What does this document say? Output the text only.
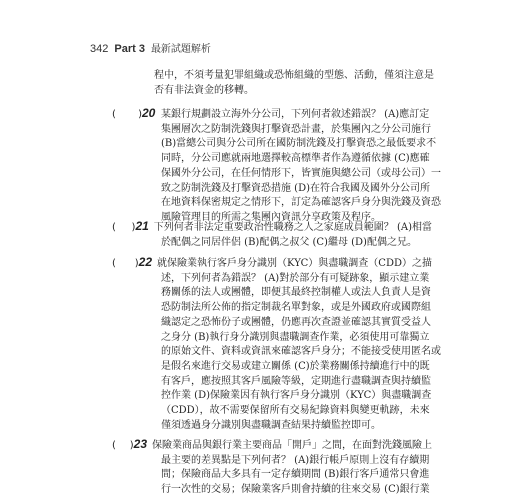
342 Part 3 最新試題解析
程中，不須考量犯罪組織或恐怖組織的型態、活動，僅須注意是
否有非法資金的移轉。
( ) 20 某銀行規劃設立海外分公司，下列何者敘述錯誤？ (A)應訂定
集團層次之防制洗錢與打擊資恐計畫，於集團內之分公司施行
(B)當總公司與分公司所在國防制洗錢及打擊資恐之最低要求不
同時，分公司應就兩地選擇較高標準者作為遵循依據 (C)應確
保國外分公司，在任何情形下，皆實施與總公司（或母公司）一
致之防制洗錢及打擊資恐措施 (D)在符合我國及國外分公司所
在地資料保密規定之情形下，訂定為確認客戶身分與洗錢及資恐
風險管理目的所需之集團內資訊分享政策及程序。
( ) 21 下列何者非法定重要政治性職務之人之家庭成員範圍？ (A)相當
於配偶之同居伴侶 (B)配偶之叔父 (C)繼母 (D)配偶之兄。
( ) 22 就保險業執行客戶身分識別（KYC）與盡職調查（CDD）之描
述，下列何者為錯誤？ (A)對於部分有可疑跡象，顯示建立業
務關係的法人或團體，即便其最終控制權人或法人負責人是資
恐防制法所公佈的指定制裁名單對象，或是外國政府或國際組
織認定之恐怖份子或團體，仍應再次查證並確認其實質受益人
之身分 (B)執行身分識別與盡職調查作業，必須使用可靠獨立
的原始文件、資料或資訊來確認客戶身分；不能接受使用匿名或
是假名來進行交易或建立關係 (C)於業務關係持續進行中的既
有客戶，應按照其客戶風險等級，定期進行盡職調查與持續監
控作業 (D)保險業因有執行客戶身分識別（KYC）與盡職調查
（CDD），故不需要保留所有交易紀錄資料與變更軌跡，未來
僅須透過身分識別與盡職調查結果持續監控即可。
( ) 23 保險業商品與銀行業主要商品「開戶」之間，在面對洗錢風險上
最主要的差異點是下列何者？ (A)銀行帳戶原則上沒有存續期
間；保險商品大多具有一定存續期間 (B)銀行客戶通常只會進
行一次性的交易；保險業客戶則會持續的往來交易 (C)銀行業
